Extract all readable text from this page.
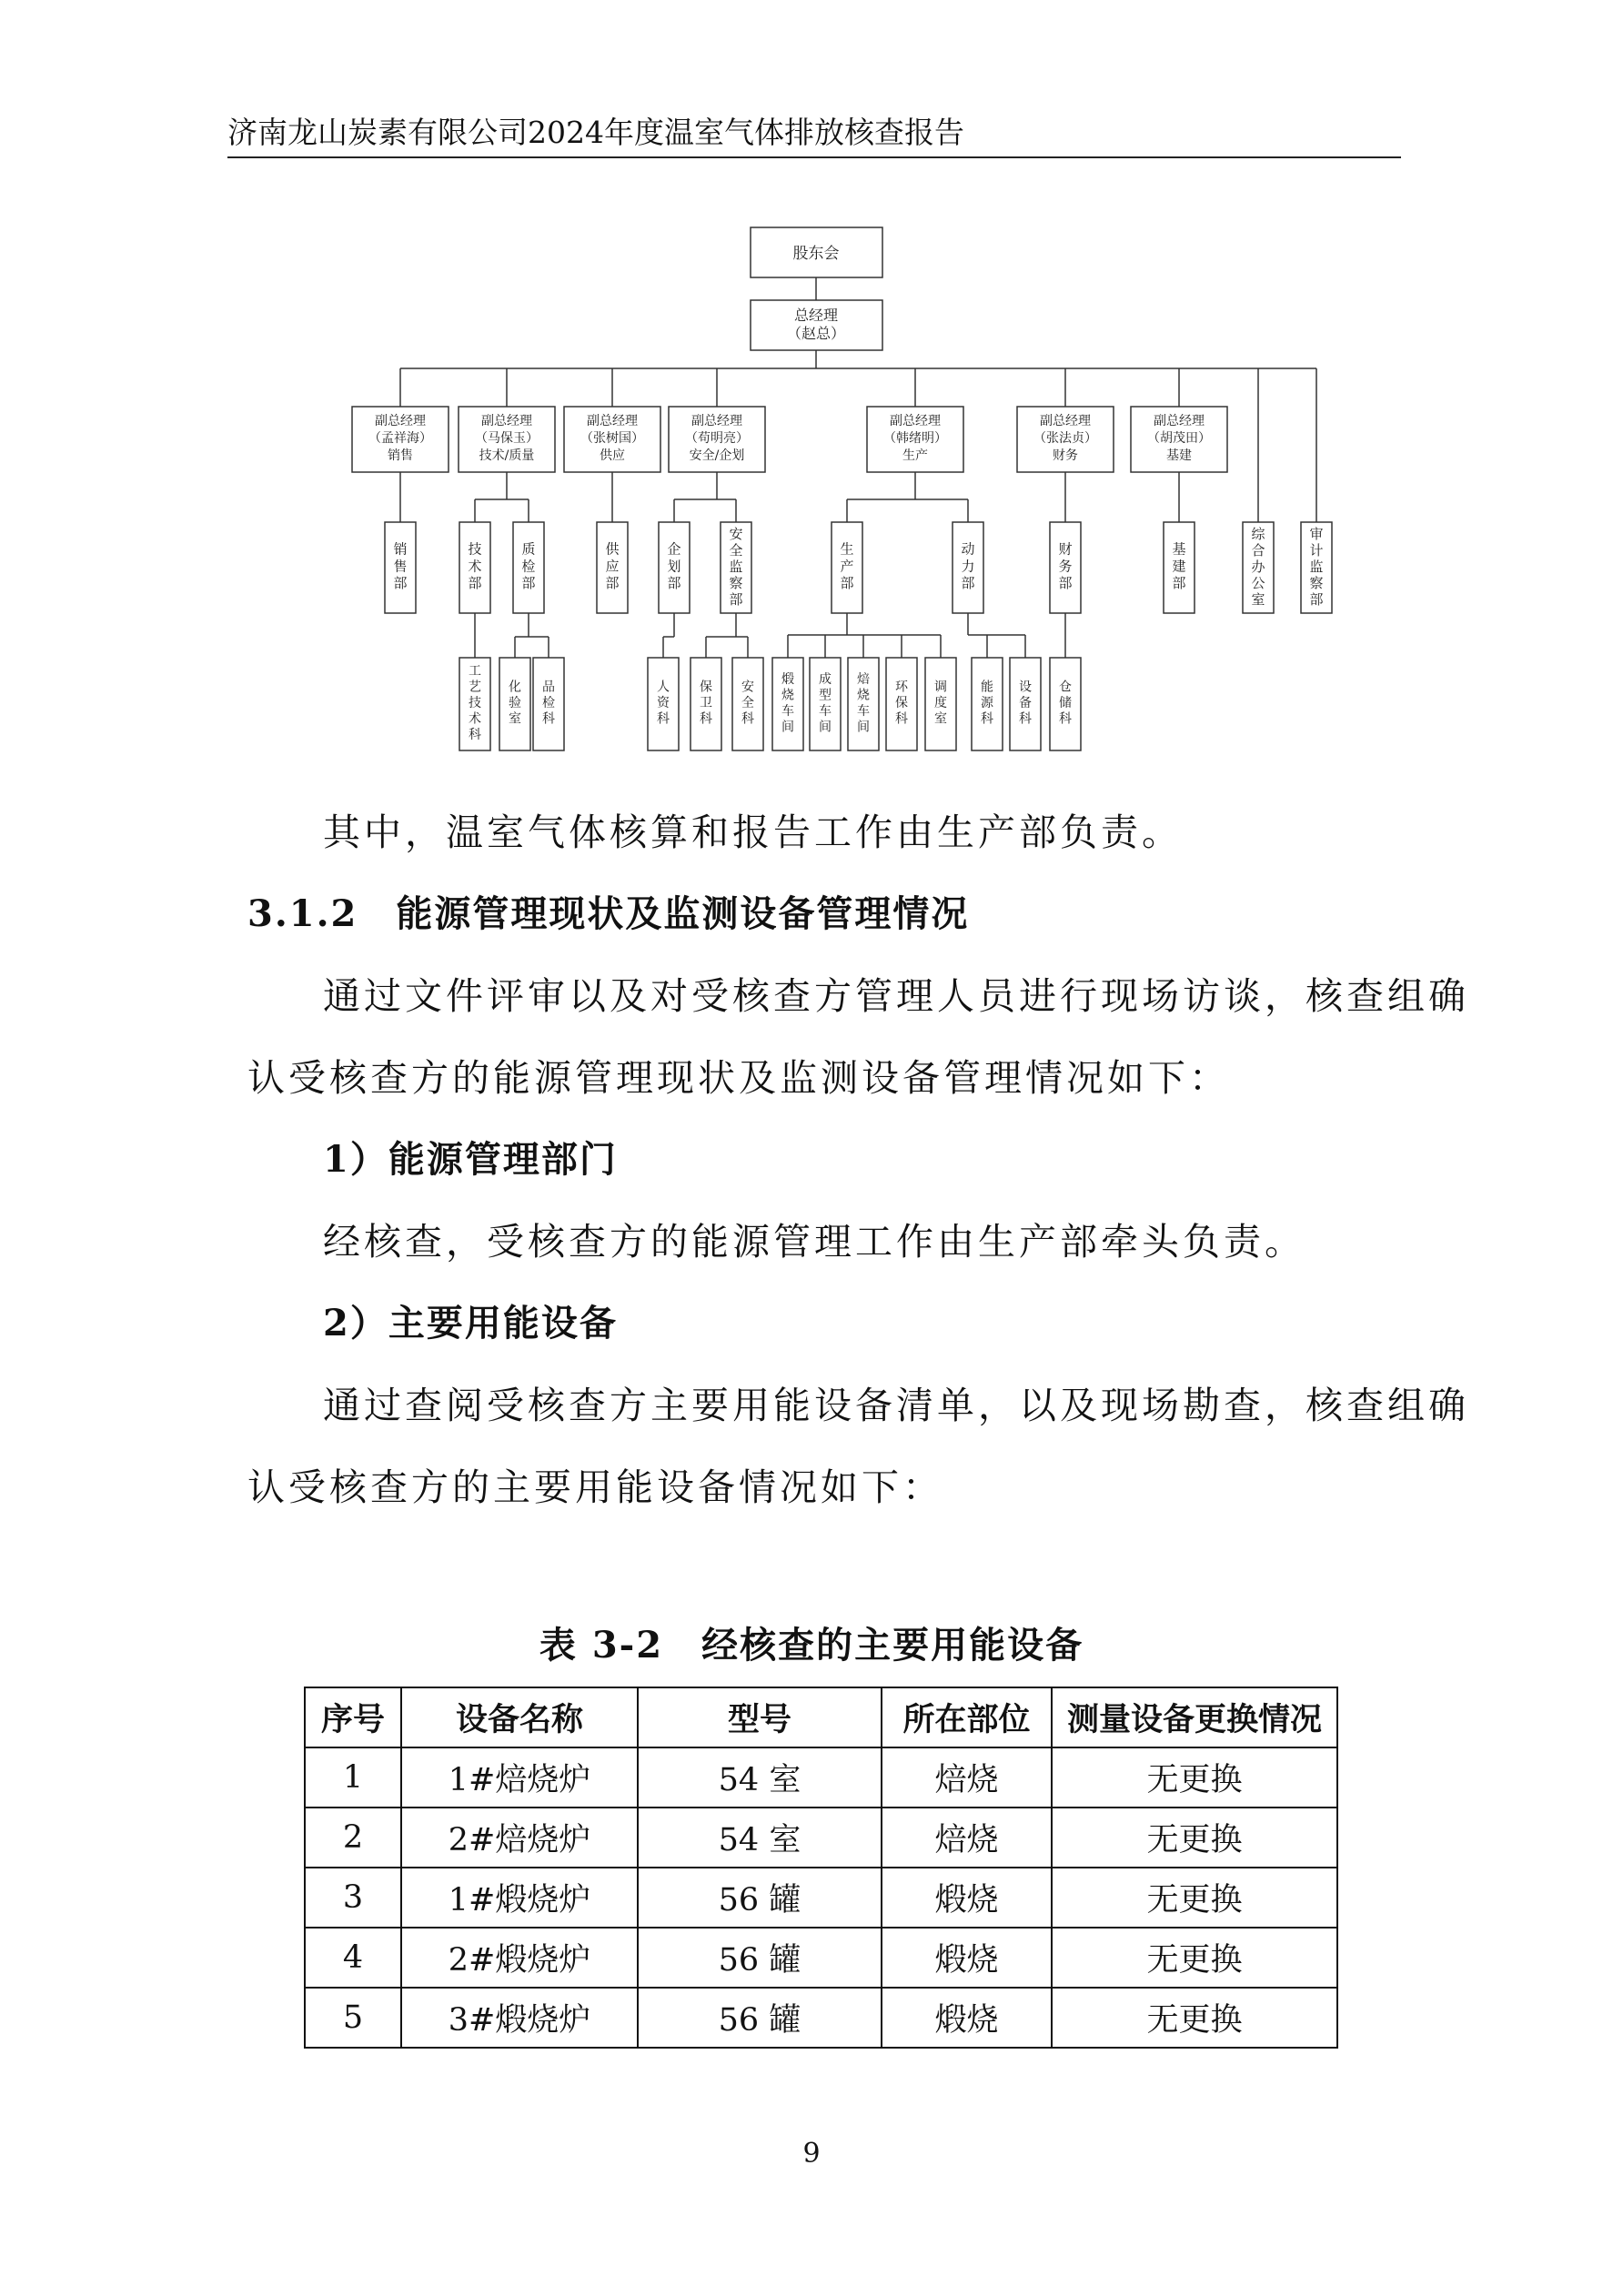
济南龙山炭素有限公司2024年度温室气体排放核查报告
股东会
总经理
（赵总）
副总经理
（孟祥海）
销售
副总经理
（马保玉）
技术/质量
副总经理
（张树国）
供应
副总经理
（苟明亮）
安全/企划
副总经理
（韩绪明）
生产
副总经理
（张法贞）
财务
副总经理
（胡茂田）
基建
销售部
技术部
质检部
供应部
企划部
安全监察部
生产部
动力部
财务部
基建部
综合办公室
审计监察部
工艺技术科
化验室
品检科
人资科
保卫科
安全科
煅烧车间
成型车间
焙烧车间
环保科
调度室
能源科
设备科
仓储科
其中，温室气体核算和报告工作由生产部负责。
3.1.2　能源管理现状及监测设备管理情况
通过文件评审以及对受核查方管理人员进行现场访谈，核查组确
认受核查方的能源管理现状及监测设备管理情况如下：
1）能源管理部门
经核查，受核查方的能源管理工作由生产部牵头负责。
2）主要用能设备
通过查阅受核查方主要用能设备清单，以及现场勘查，核查组确
认受核查方的主要用能设备情况如下：
表 3-2　经核查的主要用能设备
序号	设备名称	型号	所在部位	测量设备更换情况
1	1#焙烧炉	54 室	焙烧	无更换
2	2#焙烧炉	54 室	焙烧	无更换
3	1#煅烧炉	56 罐	煅烧	无更换
4	2#煅烧炉	56 罐	煅烧	无更换
5	3#煅烧炉	56 罐	煅烧	无更换
9
